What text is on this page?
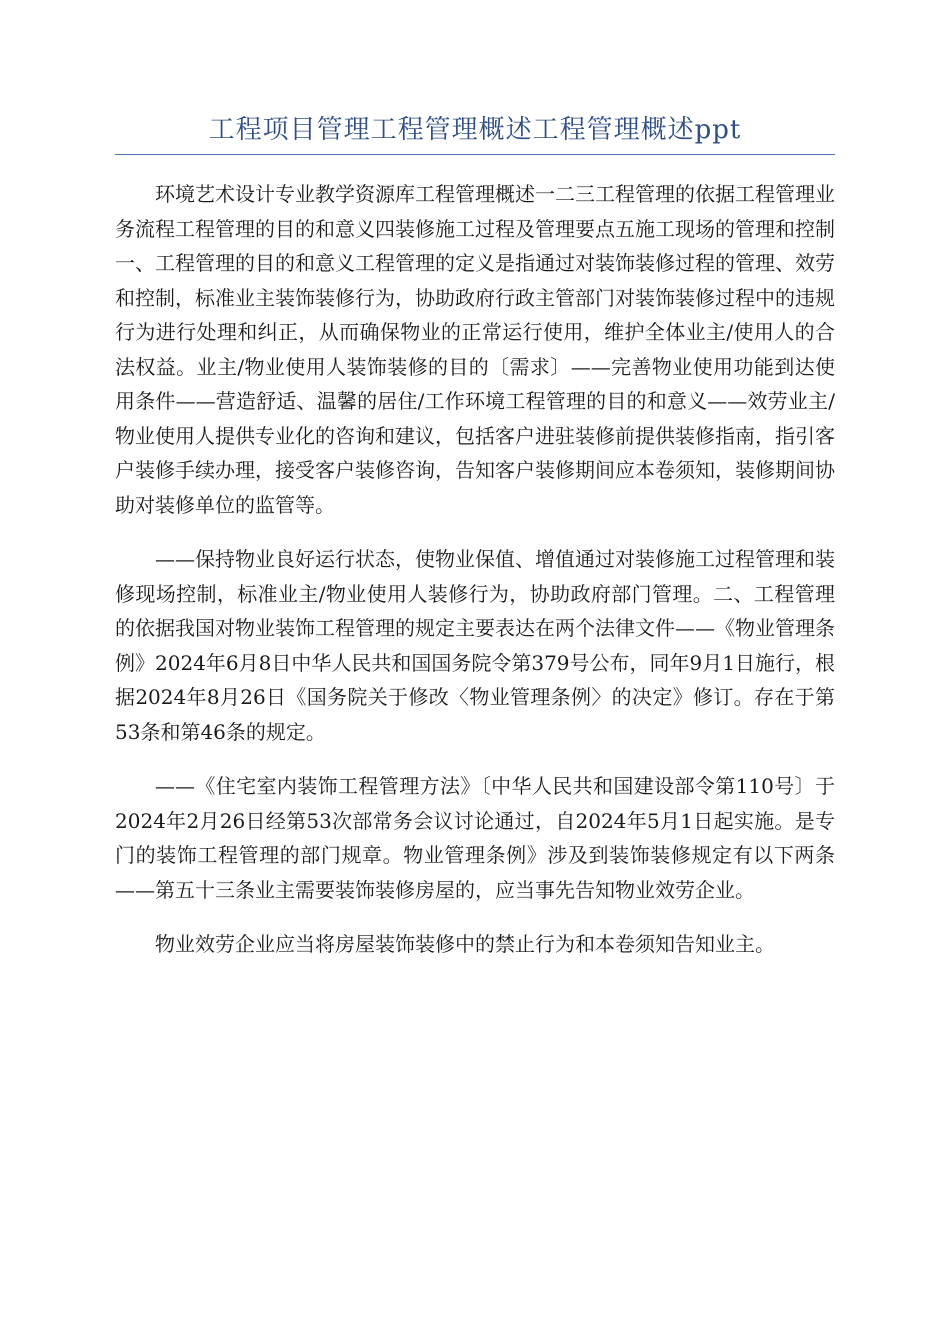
工程项目管理工程管理概述工程管理概述ppt

环境艺术设计专业教学资源库工程管理概述一二三工程管理的依据工程管理业务流程工程管理的目的和意义四装修施工过程及管理要点五施工现场的管理和控制一、工程管理的目的和意义工程管理的定义是指通过对装饰装修过程的管理、效劳和控制，标准业主装饰装修行为，协助政府行政主管部门对装饰装修过程中的违规行为进行处理和纠正，从而确保物业的正常运行使用，维护全体业主/使用人的合法权益。业主/物业使用人装饰装修的目的〔需求〕——完善物业使用功能到达使用条件——营造舒适、温馨的居住/工作环境工程管理的目的和意义——效劳业主/物业使用人提供专业化的咨询和建议，包括客户进驻装修前提供装修指南，指引客户装修手续办理，接受客户装修咨询，告知客户装修期间应本卷须知，装修期间协助对装修单位的监管等。

——保持物业良好运行状态，使物业保值、增值通过对装修施工过程管理和装修现场控制，标准业主/物业使用人装修行为，协助政府部门管理。二、工程管理的依据我国对物业装饰工程管理的规定主要表达在两个法律文件——《物业管理条例》2024年6月8日中华人民共和国国务院令第379号公布，同年9月1日施行，根据2024年8月26日《国务院关于修改〈物业管理条例〉的决定》修订。存在于第53条和第46条的规定。

——《住宅室内装饰工程管理方法》〔中华人民共和国建设部令第110号〕于2024年2月26日经第53次部常务会议讨论通过，自2024年5月1日起实施。是专门的装饰工程管理的部门规章。物业管理条例》涉及到装饰装修规定有以下两条——第五十三条业主需要装饰装修房屋的，应当事先告知物业效劳企业。

物业效劳企业应当将房屋装饰装修中的禁止行为和本卷须知告知业主。
